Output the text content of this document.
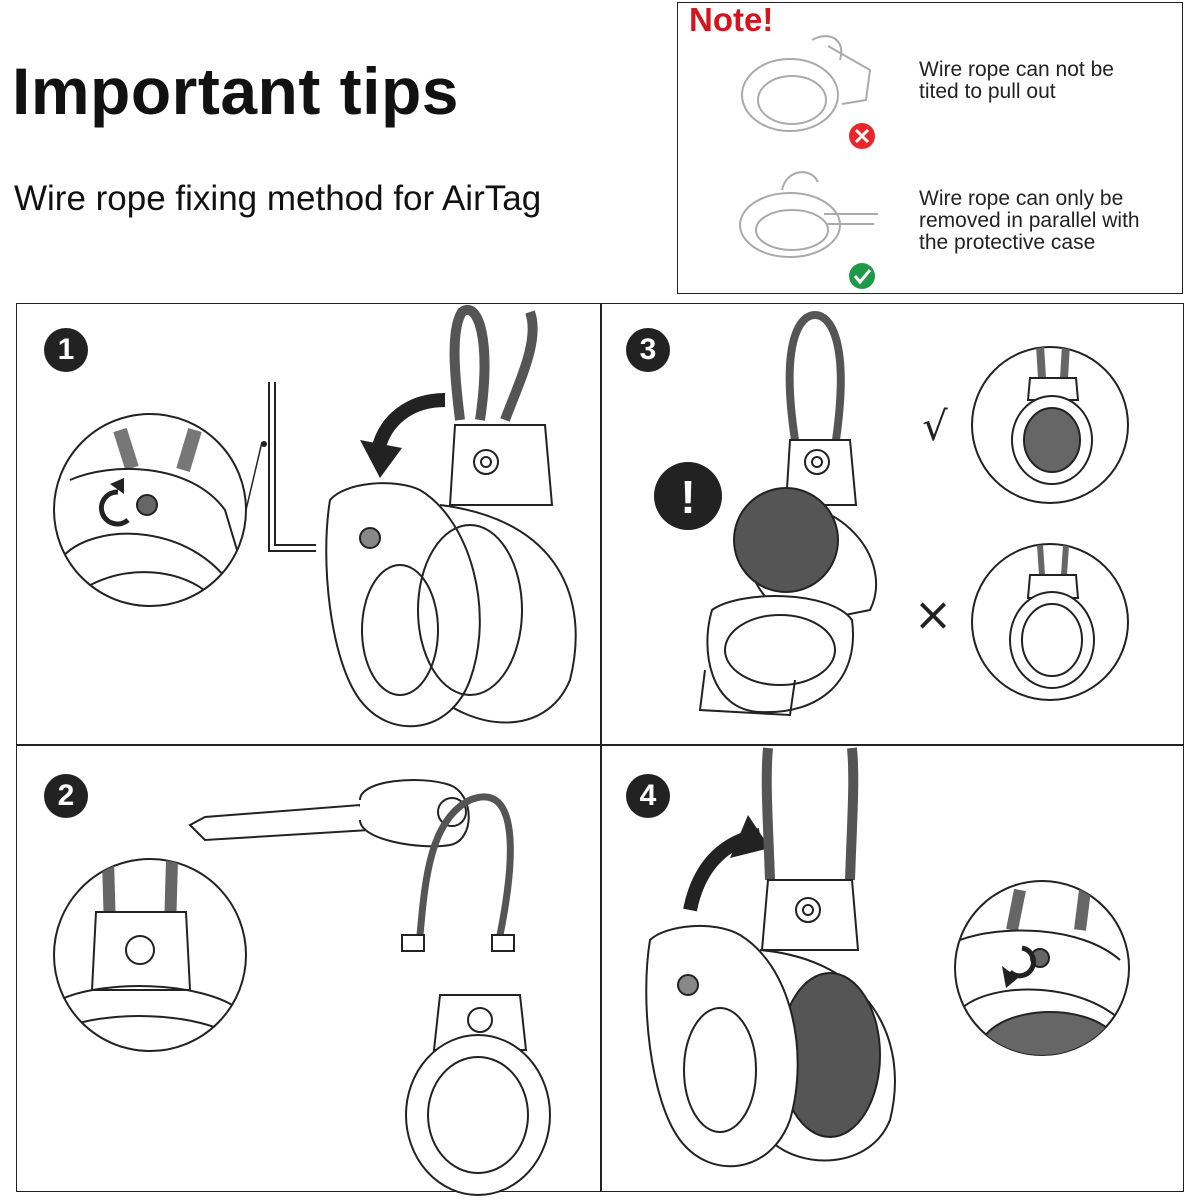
Important tips
Wire rope fixing method for AirTag
Note!
Wire rope can not be
tited to pull out
Wire rope can only be
removed in parallel with
the protective case
1	3
2	4
!
√
×
